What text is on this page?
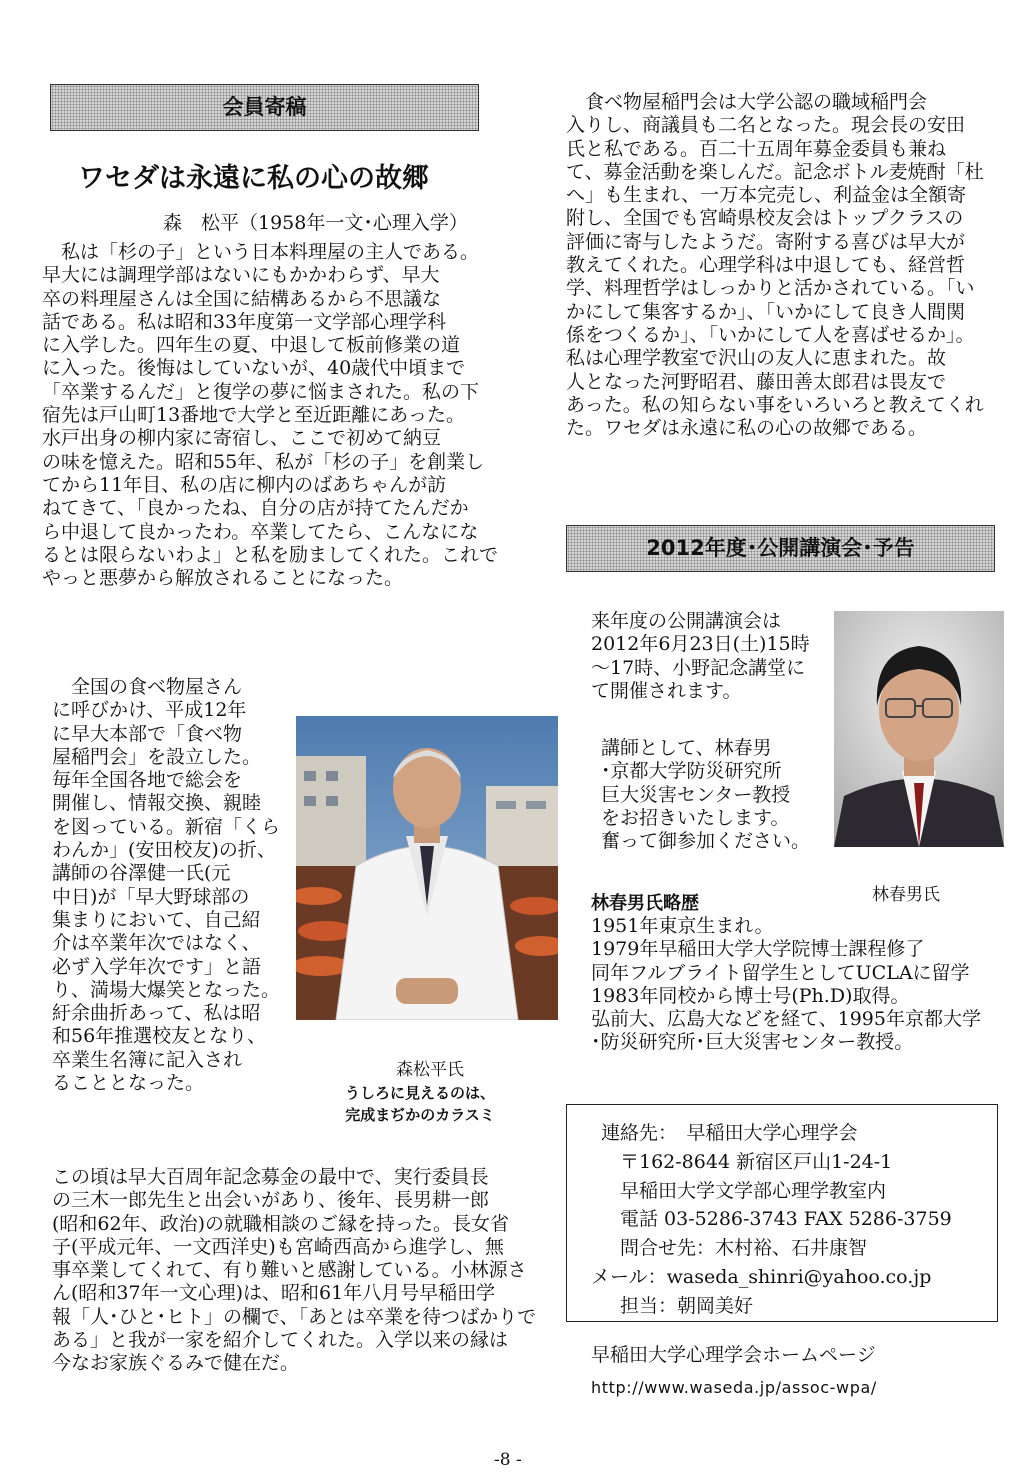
会員寄稿
ワセダは永遠に私の心の故郷
森　松平（1958年一文･心理入学）
　私は「杉の子」という日本料理屋の主人である。
早大には調理学部はないにもかかわらず、早大
卒の料理屋さんは全国に結構あるから不思議な
話である。私は昭和33年度第一文学部心理学科
に入学した。四年生の夏、中退して板前修業の道
に入った。後悔はしていないが、40歳代中頃まで
「卒業するんだ」と復学の夢に悩まされた。私の下
宿先は戸山町13番地で大学と至近距離にあった。
水戸出身の柳内家に寄宿し、ここで初めて納豆
の味を憶えた。昭和55年、私が「杉の子」を創業し
てから11年目、私の店に柳内のばあちゃんが訪
ねてきて、「良かったね、自分の店が持てたんだか
ら中退して良かったわ。卒業してたら、こんなにな
るとは限らないわよ」と私を励ましてくれた。これで
やっと悪夢から解放されることになった。
　全国の食べ物屋さん
に呼びかけ、平成12年
に早大本部で「食べ物
屋稲門会」を設立した。
毎年全国各地で総会を
開催し、情報交換、親睦
を図っている。新宿「くら
わんか」(安田校友)の折、
講師の谷澤健一氏(元
中日)が「早大野球部の
集まりにおいて、自己紹
介は卒業年次ではなく、
必ず入学年次です」と語
り、満場大爆笑となった。
紆余曲折あって、私は昭
和56年推選校友となり、
卒業生名簿に記入され
ることとなった。
森松平氏
うしろに見えるのは、
完成まぢかのカラスミ
この頃は早大百周年記念募金の最中で、実行委員長
の三木一郎先生と出会いがあり、後年、長男耕一郎
(昭和62年、政治)の就職相談のご縁を持った。長女省
子(平成元年、一文西洋史)も宮崎西高から進学し、無
事卒業してくれて、有り難いと感謝している。小林源さ
ん(昭和37年一文心理)は、昭和61年八月号早稲田学
報「人･ひと･ヒト」の欄で、「あとは卒業を待つばかりで
ある」と我が一家を紹介してくれた。入学以来の縁は
今なお家族ぐるみで健在だ。
　食べ物屋稲門会は大学公認の職域稲門会
入りし、商議員も二名となった。現会長の安田
氏と私である。百二十五周年募金委員も兼ね
て、募金活動を楽しんだ。記念ボトル麦焼酎「杜
へ」も生まれ、一万本完売し、利益金は全額寄
附し、全国でも宮崎県校友会はトップクラスの
評価に寄与したようだ。寄附する喜びは早大が
教えてくれた。心理学科は中退しても、経営哲
学、料理哲学はしっかりと活かされている。「い
かにして集客するか」、「いかにして良き人間関
係をつくるか」、「いかにして人を喜ばせるか」。
私は心理学教室で沢山の友人に恵まれた。故
人となった河野昭君、藤田善太郎君は畏友で
あった。私の知らない事をいろいろと教えてくれ
た。ワセダは永遠に私の心の故郷である。
2012年度･公開講演会･予告
来年度の公開講演会は
2012年6月23日(土)15時
～17時、小野記念講堂に
て開催されます。
講師として、林春男
･京都大学防災研究所
巨大災害センター教授
をお招きいたします。
奮って御参加ください。
林春男氏
林春男氏略歴
1951年東京生まれ。
1979年早稲田大学大学院博士課程修了
同年フルブライト留学生としてUCLAに留学
1983年同校から博士号(Ph.D)取得。
弘前大、広島大などを経て、1995年京都大学
･防災研究所･巨大災害センター教授。
連絡先：　早稲田大学心理学会
　〒162-8644 新宿区戸山1-24-1
　早稲田大学文学部心理学教室内
　電話 03-5286-3743 FAX 5286-3759
　問合せ先：木村裕、石井康智
メール：waseda_shinri@yahoo.co.jp
　担当：朝岡美好
早稲田大学心理学会ホームページ
http://www.waseda.jp/assoc-wpa/
-8 -
